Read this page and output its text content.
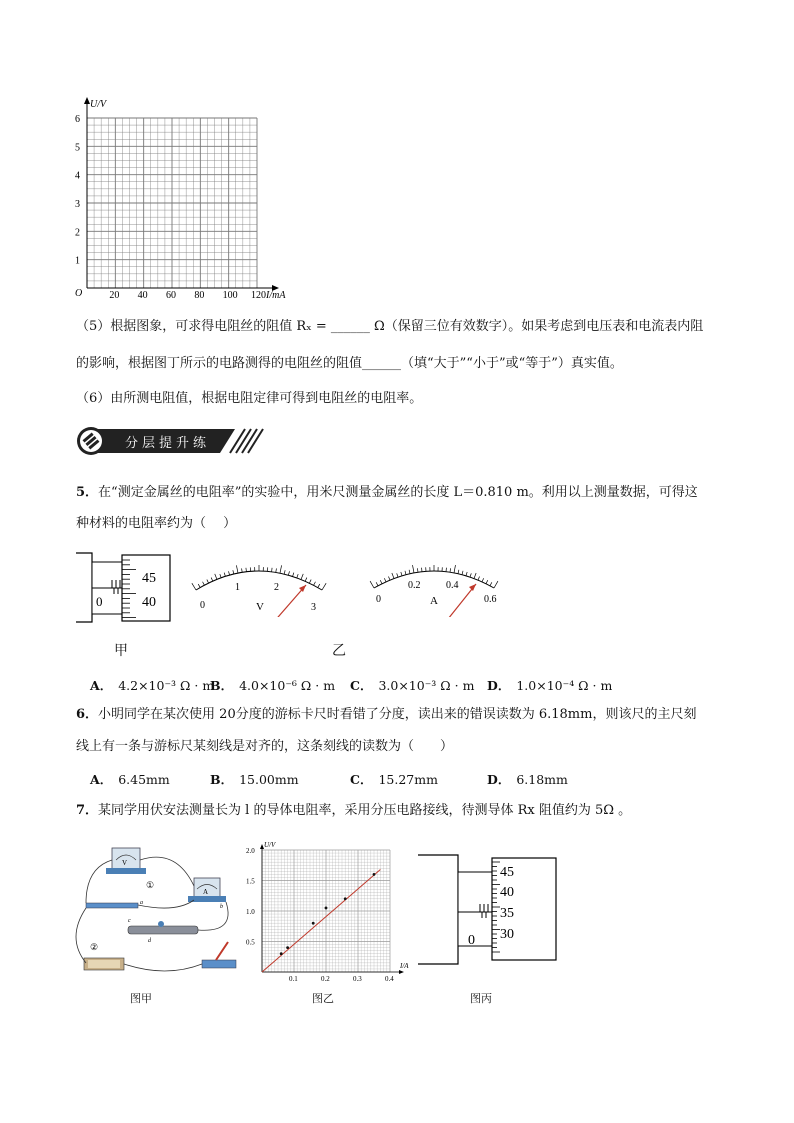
U/V
I/mA
O
1
2
3
4
5
6
20 40 60 80 100 120
（5）根据图象，可求得电阻丝的阻值 Rₓ = ______ Ω（保留三位有效数字）。如果考虑到电压表和电流表内阻
的影响，根据图丁所示的电路测得的电阻丝的阻值______（填“大于”“小于”或“等于”）真实值。
（6）由所测电阻值，根据电阻定律可得到电阻丝的电阻率。
分层提升练
5．在“测定金属丝的电阻率”的实验中，用米尺测量金属丝的长度 L＝0.810 m。利用以上测量数据，可得这
种材料的电阻率约为（　 ）
0
45
40	0
1	2
3
V
0
0.2	0.4
0.6
A
甲	乙
A． 4.2×10⁻³ Ω · m
B． 4.0×10⁻⁶ Ω · m C． 3.0×10⁻³ Ω · m D． 1.0×10⁻⁴ Ω · m
6．小明同学在某次使用 20分度的游标卡尺时看错了分度，读出来的错误读数为 6.18mm，则该尺的主尺刻
线上有一条与游标尺某刻线是对齐的，这条刻线的读数为（　　）
A． 6.45mm	B． 15.00mm	C． 15.27mm	D． 6.18mm
7．某同学用伏安法测量长为 l 的导体电阻率，采用分压电路接线，待测导体 Rx 阻值约为 5Ω 。
V
A
①
②
a
b
c
d
U/V
I/A
0.1	0.2	0.3	0.4
0.5
1.0
1.5
2.0
0
45
40
35
30
图甲	图乙	图丙
